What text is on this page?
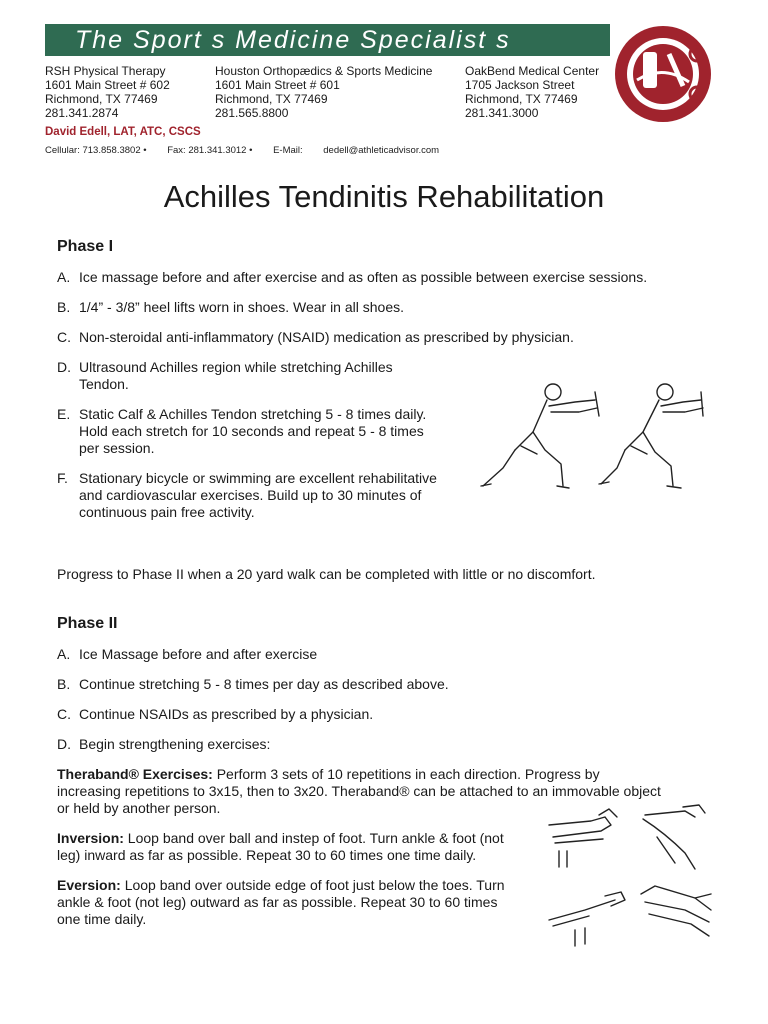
The Sport s Medicine Specialist s
RSH Physical Therapy
1601 Main Street # 602
Richmond, TX 77469
281.341.2874
Houston Orthopædics & Sports Medicine
1601 Main Street # 601
Richmond, TX 77469
281.565.8800
OakBend Medical Center
1705 Jackson Street
Richmond, TX 77469
281.341.3000
David Edell, LAT, ATC, CSCS
Cellular: 713.858.3802 • Fax: 281.341.3012 • E-Mail: dedell@athleticadvisor.com
Achilles Tendinitis Rehabilitation
Phase I
A. Ice massage before and after exercise and as often as possible between exercise sessions.
B. 1/4” - 3/8” heel lifts worn in shoes. Wear in all shoes.
C. Non-steroidal anti-inflammatory (NSAID) medication as prescribed by physician.
D. Ultrasound Achilles region while stretching Achilles
Tendon.
E. Static Calf & Achilles Tendon stretching 5 - 8 times daily.
Hold each stretch for 10 seconds and repeat 5 - 8 times
per session.
F. Stationary bicycle or swimming are excellent rehabilitative
and cardiovascular exercises. Build up to 30 minutes of
continuous pain free activity.
Progress to Phase II when a 20 yard walk can be completed with little or no discomfort.
Phase II
A. Ice Massage before and after exercise
B. Continue stretching 5 - 8 times per day as described above.
C. Continue NSAIDs as prescribed by a physician.
D. Begin strengthening exercises:
Theraband® Exercises: Perform 3 sets of 10 repetitions in each direction. Progress by
increasing repetitions to 3x15, then to 3x20. Theraband® can be attached to an immovable object
or held by another person.
Inversion: Loop band over ball and instep of foot. Turn ankle & foot (not
leg) inward as far as possible. Repeat 30 to 60 times one time daily.
Eversion: Loop band over outside edge of foot just below the toes. Turn
ankle & foot (not leg) outward as far as possible. Repeat 30 to 60 times
one time daily.
